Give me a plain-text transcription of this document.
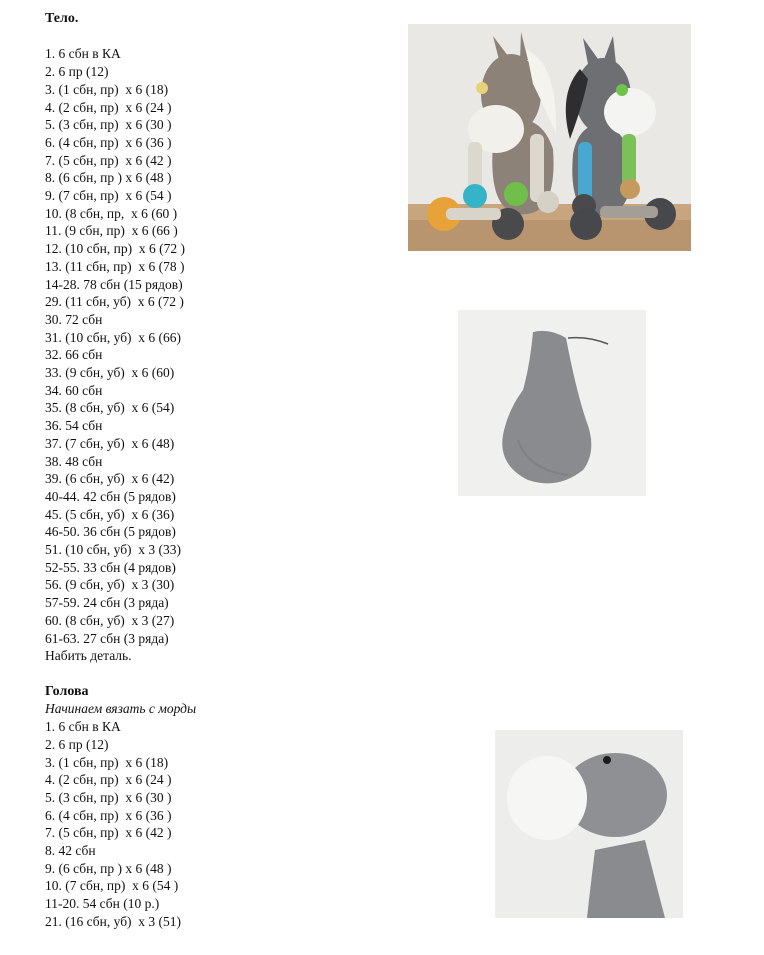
Тело.

1. 6 сбн в КА
2. 6 пр (12)
3. (1 сбн, пр)  х 6 (18)
4. (2 сбн, пр)  х 6 (24 )
5. (3 сбн, пр)  х 6 (30 )
6. (4 сбн, пр)  х 6 (36 )
7. (5 сбн, пр)  х 6 (42 )
8. (6 сбн, пр ) х 6 (48 )
9. (7 сбн, пр)  х 6 (54 )
10. (8 сбн, пр,  х 6 (60 )
11. (9 сбн, пр)  х 6 (66 )
12. (10 сбн, пр)  х 6 (72 )
13. (11 сбн, пр)  х 6 (78 )
14-28. 78 сбн (15 рядов)
29. (11 сбн, уб)  х 6 (72 )
30. 72 сбн
31. (10 сбн, уб)  х 6 (66)
32. 66 сбн
33. (9 сбн, уб)  х 6 (60)
34. 60 сбн
35. (8 сбн, уб)  х 6 (54)
36. 54 сбн
37. (7 сбн, уб)  х 6 (48)
38. 48 сбн
39. (6 сбн, уб)  х 6 (42)
40-44. 42 сбн (5 рядов)
45. (5 сбн, уб)  х 6 (36)
46-50. 36 сбн (5 рядов)
51. (10 сбн, уб)  х 3 (33)
52-55. 33 сбн (4 рядов)
56. (9 сбн, уб)  х 3 (30)
57-59. 24 сбн (3 ряда)
60. (8 сбн, уб)  х 3 (27)
61-63. 27 сбн (3 ряда)
Набить деталь.

Голова

Начинаем вязать с морды
1. 6 сбн в КА
2. 6 пр (12)
3. (1 сбн, пр)  х 6 (18)
4. (2 сбн, пр)  х 6 (24 )
5. (3 сбн, пр)  х 6 (30 )
6. (4 сбн, пр)  х 6 (36 )
7. (5 сбн, пр)  х 6 (42 )
8. 42 сбн
9. (6 сбн, пр ) х 6 (48 )
10. (7 сбн, пр)  х 6 (54 )
11-20. 54 сбн (10 р.)
21. (16 сбн, уб)  х 3 (51)
